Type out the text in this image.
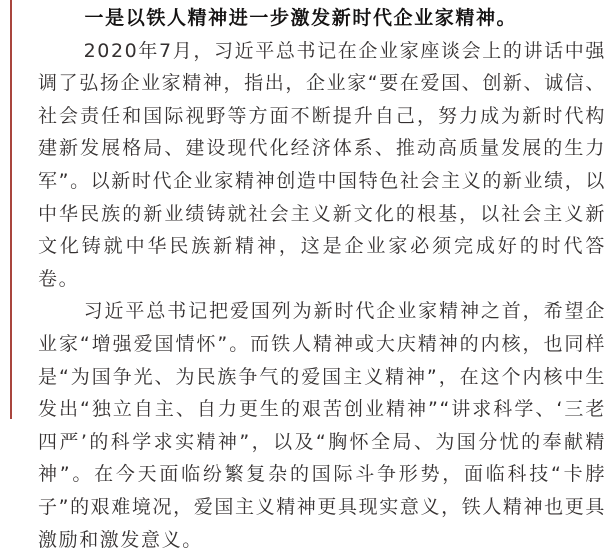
一是以铁人精神进一步激发新时代企业家精神。

2020年7月，习近平总书记在企业家座谈会上的讲话中强调了弘扬企业家精神，指出，企业家“要在爱国、创新、诚信、社会责任和国际视野等方面不断提升自己，努力成为新时代构建新发展格局、建设现代化经济体系、推动高质量发展的生力军”。以新时代企业家精神创造中国特色社会主义的新业绩，以中华民族的新业绩铸就社会主义新文化的根基，以社会主义新文化铸就中华民族新精神，这是企业家必须完成好的时代答卷。

习近平总书记把爱国列为新时代企业家精神之首，希望企业家“增强爱国情怀”。而铁人精神或大庆精神的内核，也同样是“为国争光、为民族争气的爱国主义精神”，在这个内核中生发出“独立自主、自力更生的艰苦创业精神”“讲求科学、‘三老四严’的科学求实精神”，以及“胸怀全局、为国分忧的奉献精神”。在今天面临纷繁复杂的国际斗争形势，面临科技“卡脖子”的艰难境况，爱国主义精神更具现实意义，铁人精神也更具激励和激发意义。
